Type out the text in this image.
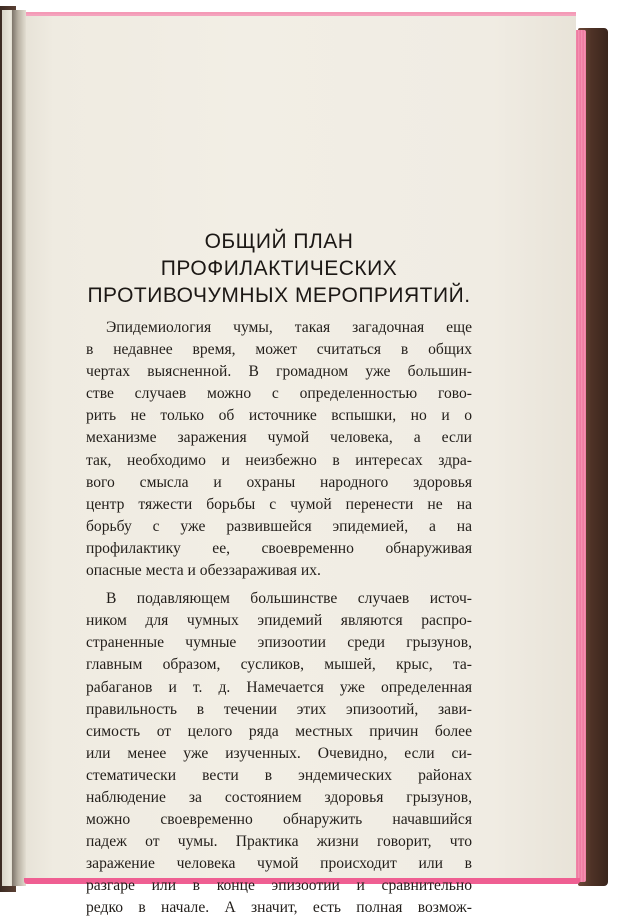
ОБЩИЙ ПЛАН ПРОФИЛАКТИЧЕСКИХ
ПРОТИВОЧУМНЫХ МЕРОПРИЯТИЙ.

Эпидемиология чумы, такая загадочная еще
в недавнее время, может считаться в общих
чертах выясненной. В громадном уже большин-
стве случаев можно с определенностью гово-
рить не только об источнике вспышки, но и о
механизме заражения чумой человека, а если
так, необходимо и неизбежно в интересах здра-
вого смысла и охраны народного здоровья
центр тяжести борьбы с чумой перенести не на
борьбу с уже развившейся эпидемией, а на
профилактику ее, своевременно обнаруживая
опасные места и обеззараживая их.

В подавляющем большинстве случаев источ-
ником для чумных эпидемий являются распро-
страненные чумные эпизоотии среди грызунов,
главным образом, сусликов, мышей, крыс, та-
рабаганов и т. д. Намечается уже определенная
правильность в течении этих эпизоотий, зави-
симость от целого ряда местных причин более
или менее уже изученных. Очевидно, если си-
стематически вести в эндемических районах
наблюдение за состоянием здоровья грызунов,
можно своевременно обнаружить начавшийся
падеж от чумы. Практика жизни говорит, что
заражение человека чумой происходит или в
разгаре или в конце эпизоотии и сравнительно
редко в начале. А значит, есть полная возмож-
